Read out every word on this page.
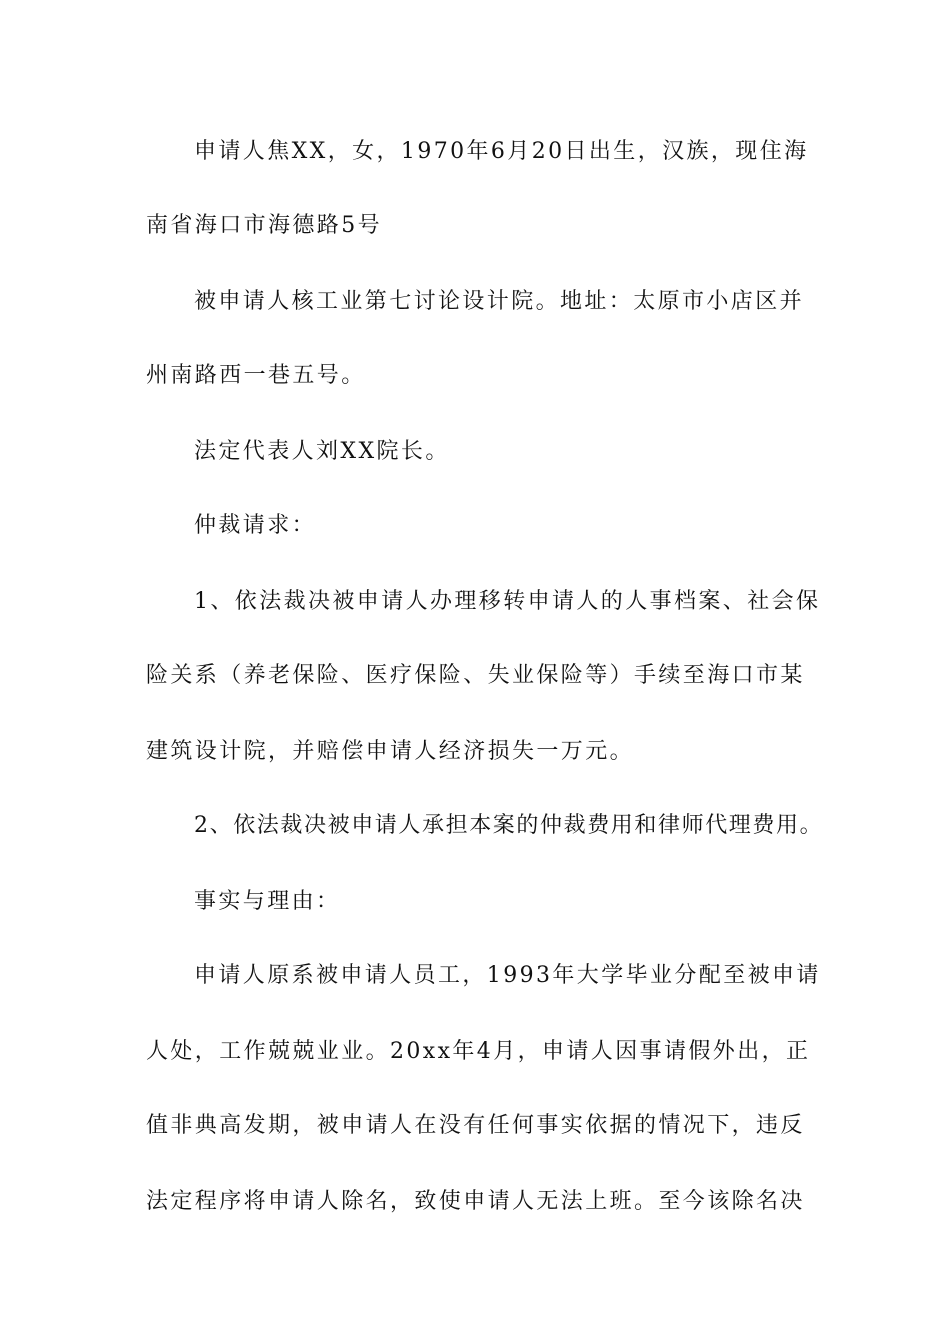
申请人焦XX，女，1970年6月20日出生，汉族，现住海
南省海口市海德路5号
被申请人核工业第七讨论设计院。地址：太原市小店区并
州南路西一巷五号。
法定代表人刘XX院长。
仲裁请求：
1、依法裁决被申请人办理移转申请人的人事档案、社会保
险关系（养老保险、医疗保险、失业保险等）手续至海口市某
建筑设计院，并赔偿申请人经济损失一万元。
2、依法裁决被申请人承担本案的仲裁费用和律师代理费用。
事实与理由：
申请人原系被申请人员工，1993年大学毕业分配至被申请
人处，工作兢兢业业。20xx年4月，申请人因事请假外出，正
值非典高发期，被申请人在没有任何事实依据的情况下，违反
法定程序将申请人除名，致使申请人无法上班。至今该除名决
